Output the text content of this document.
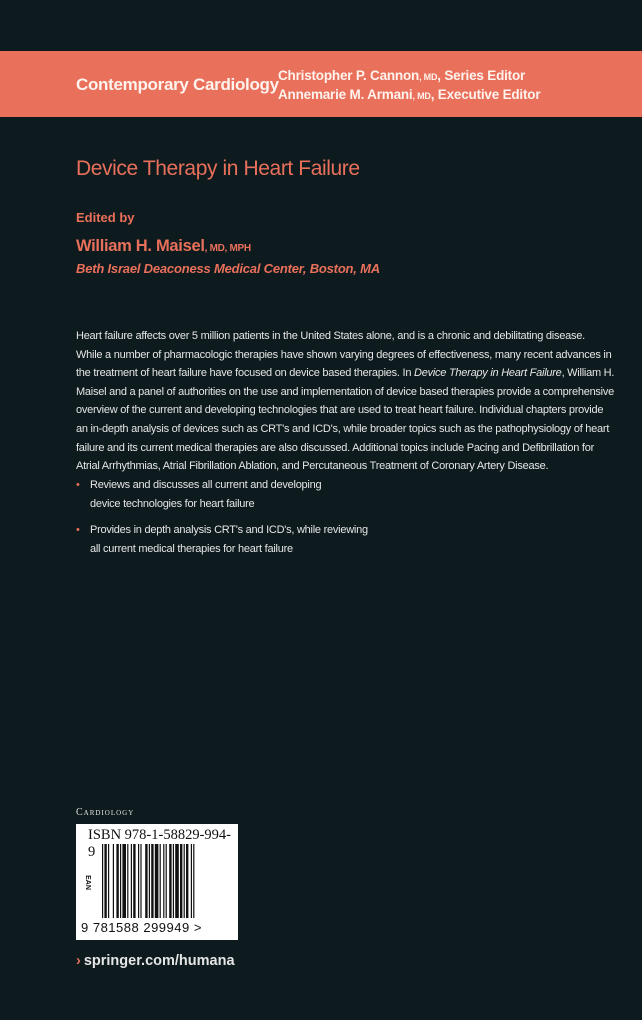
Contemporary Cardiology Christopher P. Cannon, MD, Series Editor
Annemarie M. Armani, MD, Executive Editor
Device Therapy in Heart Failure
Edited by
William H. Maisel, MD, MPH
Beth Israel Deaconess Medical Center, Boston, MA
Heart failure affects over 5 million patients in the United States alone, and is a chronic and debilitating disease.
While a number of pharmacologic therapies have shown varying degrees of effectiveness, many recent advances in
the treatment of heart failure have focused on device based therapies. In Device Therapy in Heart Failure, William H.
Maisel and a panel of authorities on the use and implementation of device based therapies provide a comprehensive
overview of the current and developing technologies that are used to treat heart failure. Individual chapters provide
an in-depth analysis of devices such as CRT's and ICD's, while broader topics such as the pathophysiology of heart
failure and its current medical therapies are also discussed. Additional topics include Pacing and Defibrillation for
Atrial Arrhythmias, Atrial Fibrillation Ablation, and Percutaneous Treatment of Coronary Artery Disease.
• Reviews and discusses all current and developing
device technologies for heart failure
• Provides in depth analysis CRT's and ICD's, while reviewing
all current medical therapies for heart failure
Cardiology
ISBN 978-1-58829-994-9
EAN
9 781588 299949 >
› springer.com/humana
